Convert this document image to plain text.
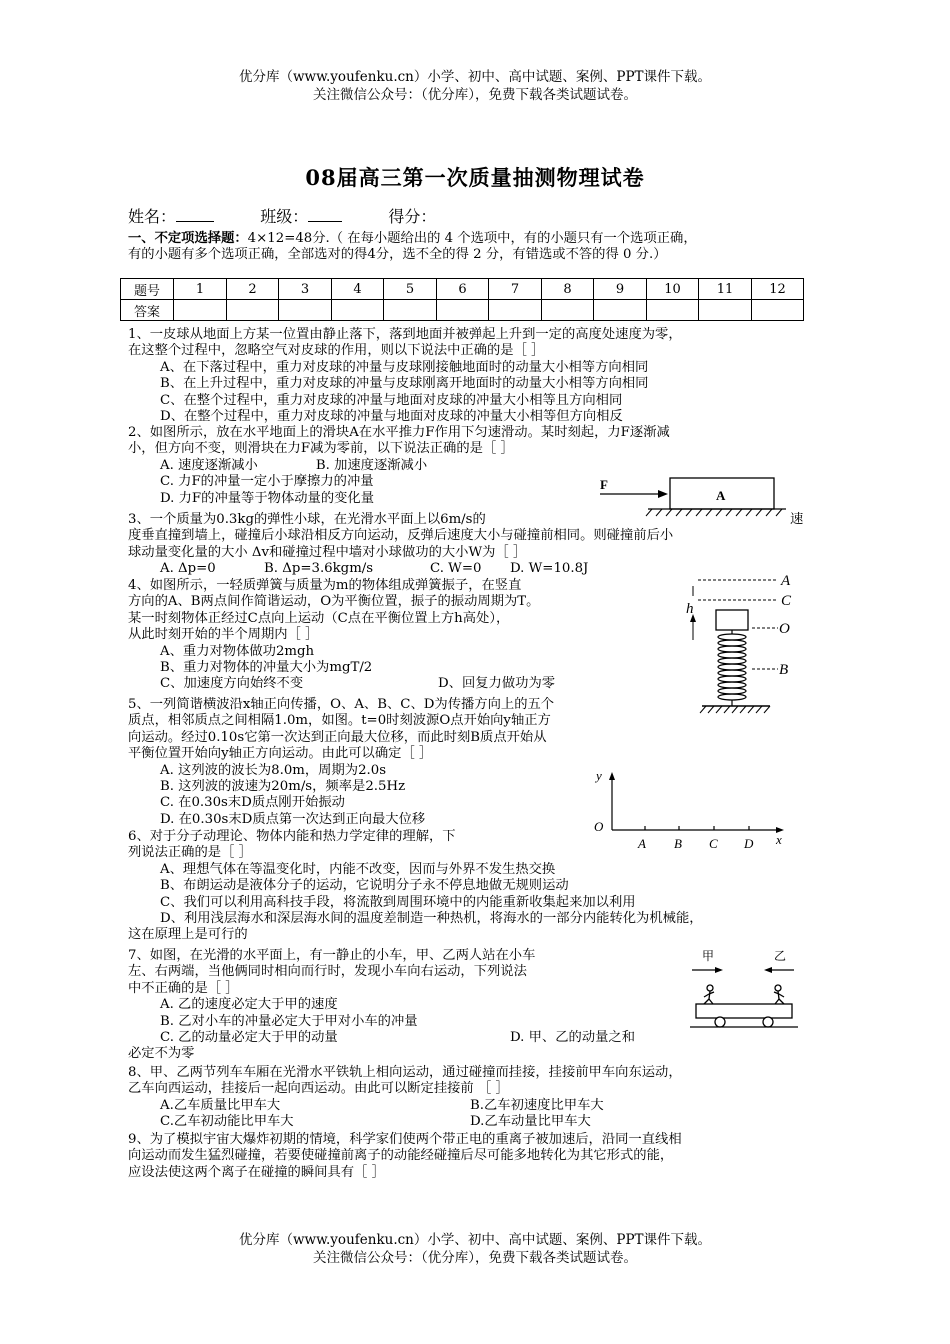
优分库（www.youfenku.cn）小学、初中、高中试题、案例、PPT课件下载。
关注微信公众号：（优分库），免费下载各类试题试卷。
08届高三第一次质量抽测物理试卷
姓名：	班级：	得分：
一、不定项选择题：4×12=48分.（ 在每小题给出的 4 个选项中，有的小题只有一个选项正确，
有的小题有多个选项正确，全部选对的得4分，选不全的得 2 分，有错选或不答的得 0 分.）
题号	1	2	3	4	5	6	7	8	9	10	11	12
答案												
1、一皮球从地面上方某一位置由静止落下，落到地面并被弹起上升到一定的高度处速度为零，
在这整个过程中，忽略空气对皮球的作用，则以下说法中正确的是［ ］
A、在下落过程中，重力对皮球的冲量与皮球刚接触地面时的动量大小相等方向相同
B、在上升过程中，重力对皮球的冲量与皮球刚离开地面时的动量大小相等方向相同
C、在整个过程中，重力对皮球的冲量与地面对皮球的冲量大小相等且方向相同
D、在整个过程中，重力对皮球的冲量与地面对皮球的冲量大小相等但方向相反
2、如图所示，放在水平地面上的滑块A在水平推力F作用下匀速滑动。某时刻起，力F逐渐减
小，但方向不变，则滑块在力F减为零前，以下说法正确的是［ ］
A. 速度逐渐减小	B. 加速度逐渐减小
C. 力F的冲量一定小于摩擦力的冲量
D. 力F的冲量等于物体动量的变化量
F
A
3、一个质量为0.3kg的弹性小球，在光滑水平面上以6m/s的	速
度垂直撞到墙上，碰撞后小球沿相反方向运动，反弹后速度大小与碰撞前相同。则碰撞前后小
球动量变化量的大小 Δv和碰撞过程中墙对小球做功的大小W为［ ］
A. Δp=0	B. Δp=3.6kgm/s	C. W=0 D. W=10.8J
4、如图所示，一轻质弹簧与质量为m的物体组成弹簧振子，在竖直
方向的A、B两点间作简谐运动，O为平衡位置，振子的振动周期为T。
某一时刻物体正经过C点向上运动（C点在平衡位置上方h高处），
从此时刻开始的半个周期内［ ］
A、重力对物体做功2mgh
B、重力对物体的冲量大小为mgT/2
C、加速度方向始终不变	D、回复力做功为零
A
C
h
O
B
5、一列简谐横波沿x轴正向传播，O、A、B、C、D为传播方向上的五个
质点，相邻质点之间相隔1.0m，如图。t=0时刻波源O点开始向y轴正方
向运动。经过0.10s它第一次达到正向最大位移，而此时刻B质点开始从
平衡位置开始向y轴正方向运动。由此可以确定［ ］
A. 这列波的波长为8.0m，周期为2.0s
B. 这列波的波速为20m/s，频率是2.5Hz
C. 在0.30s末D质点刚开始振动
D. 在0.30s末D质点第一次达到正向最大位移
y
O
A B C D x
6、对于分子动理论、物体内能和热力学定律的理解，下
列说法正确的是［ ］
A、理想气体在等温变化时，内能不改变，因而与外界不发生热交换
B、布朗运动是液体分子的运动，它说明分子永不停息地做无规则运动
C、我们可以利用高科技手段，将流散到周围环境中的内能重新收集起来加以利用
D、利用浅层海水和深层海水间的温度差制造一种热机，将海水的一部分内能转化为机械能，
这在原理上是可行的
7、如图，在光滑的水平面上，有一静止的小车，甲、乙两人站在小车
左、右两端，当他俩同时相向而行时，发现小车向右运动，下列说法
中不正确的是［ ］
A. 乙的速度必定大于甲的速度
B. 乙对小车的冲量必定大于甲对小车的冲量
C. 乙的动量必定大于甲的动量	D. 甲、乙的动量之和
必定不为零
甲	乙
8、甲、乙两节列车车厢在光滑水平铁轨上相向运动，通过碰撞而挂接，挂接前甲车向东运动，
乙车向西运动，挂接后一起向西运动。由此可以断定挂接前 ［ ］
A.乙车质量比甲车大	B.乙车初速度比甲车大
C.乙车初动能比甲车大	D.乙车动量比甲车大
9、为了模拟宇宙大爆炸初期的情境，科学家们使两个带正电的重离子被加速后，沿同一直线相
向运动而发生猛烈碰撞，若要使碰撞前离子的动能经碰撞后尽可能多地转化为其它形式的能，
应设法使这两个离子在碰撞的瞬间具有［ ］
优分库（www.youfenku.cn）小学、初中、高中试题、案例、PPT课件下载。
关注微信公众号：（优分库），免费下载各类试题试卷。
